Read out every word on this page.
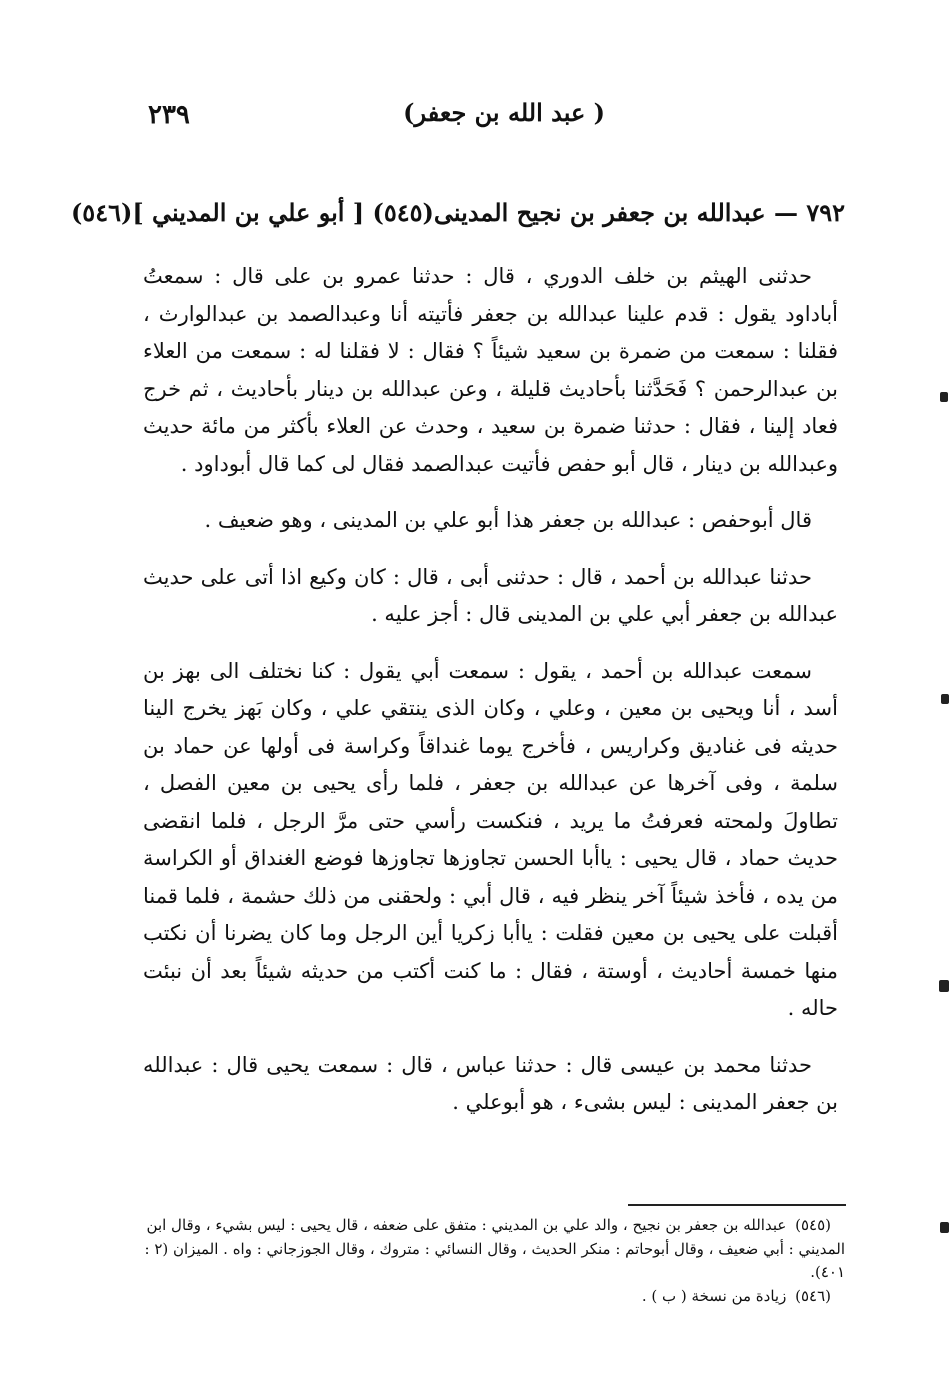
٢٣٩	( عبد الله بن جعفر)
٧٩٢ — عبدالله بن جعفر بن نجيح المدينى(٥٤٥) [ أبو علي بن المديني ](٥٤٦)

حدثنى الهيثم بن خلف الدوري ، قال : حدثنا عمرو بن على قال : سمعتُ أباداود يقول : قدم علينا عبدالله بن جعفر فأتيته أنا وعبدالصمد بن عبدالوارث ، فقلنا : سمعت من ضمرة بن سعيد شيئاً ؟ فقال : لا فقلنا له : سمعت من العلاء بن عبدالرحمن ؟ فَحَدَّثنا بأحاديث قليلة ، وعن عبدالله بن دينار بأحاديث ، ثم خرج فعاد إلينا ، فقال : حدثنا ضمرة بن سعيد ، وحدث عن العلاء بأكثر من مائة حديث وعبدالله بن دينار ، قال أبو حفص فأتيت عبدالصمد فقال لى كما قال أبوداود .

قال أبوحفص : عبدالله بن جعفر هذا أبو علي بن المدينى ، وهو ضعيف .

حدثنا عبدالله بن أحمد ، قال : حدثنى أبى ، قال : كان وكيع اذا أتى على حديث عبدالله بن جعفر أبي علي بن المدينى قال : أجز عليه .

سمعت عبدالله بن أحمد ، يقول : سمعت أبي يقول : كنا نختلف الى بهز بن أسد ، أنا ويحيى بن معين ، وعلي ، وكان الذى ينتقي علي ، وكان بَهز يخرج الينا حديثه فى غناديق وكراريس ، فأخرج يوما غنداقاً وكراسة فى أولها عن حماد بن سلمة ، وفى آخرها عن عبدالله بن جعفر ، فلما رأى يحيى بن معين الفصل ، تطاولَ ولمحته فعرفتُ ما يريد ، فنكست رأسي حتى مرَّ الرجل ، فلما انقضى حديث حماد ، قال يحيى : ياأبا الحسن تجاوزها تجاوزها فوضع الغنداق أو الكراسة من يده ، فأخذ شيئاً آخر ينظر فيه ، قال أبي : ولحقنى من ذلك حشمة ، فلما قمنا أقبلت على يحيى بن معين فقلت : ياأبا زكريا أين الرجل وما كان يضرنا أن نكتب منها خمسة أحاديث ، أوستة ، فقال : ما كنت أكتب من حديثه شيئاً بعد أن نبئت حاله .

حدثنا محمد بن عيسى قال : حدثنا عباس ، قال : سمعت يحيى قال : عبدالله بن جعفر المدينى : ليس بشىء ، هو أبوعلي .

(٥٤٥) عبدالله بن جعفر بن نجيح ، والد علي بن المديني : متفق على ضعفه ، قال يحيى : ليس بشيء ، وقال ابن المديني : أبي ضعيف ، وقال أبوحاتم : منكر الحديث ، وقال النسائي : متروك ، وقال الجوزجاني : واه . الميزان (٢ : ٤٠١).

(٥٤٦) زيادة من نسخة ( ب ) .
